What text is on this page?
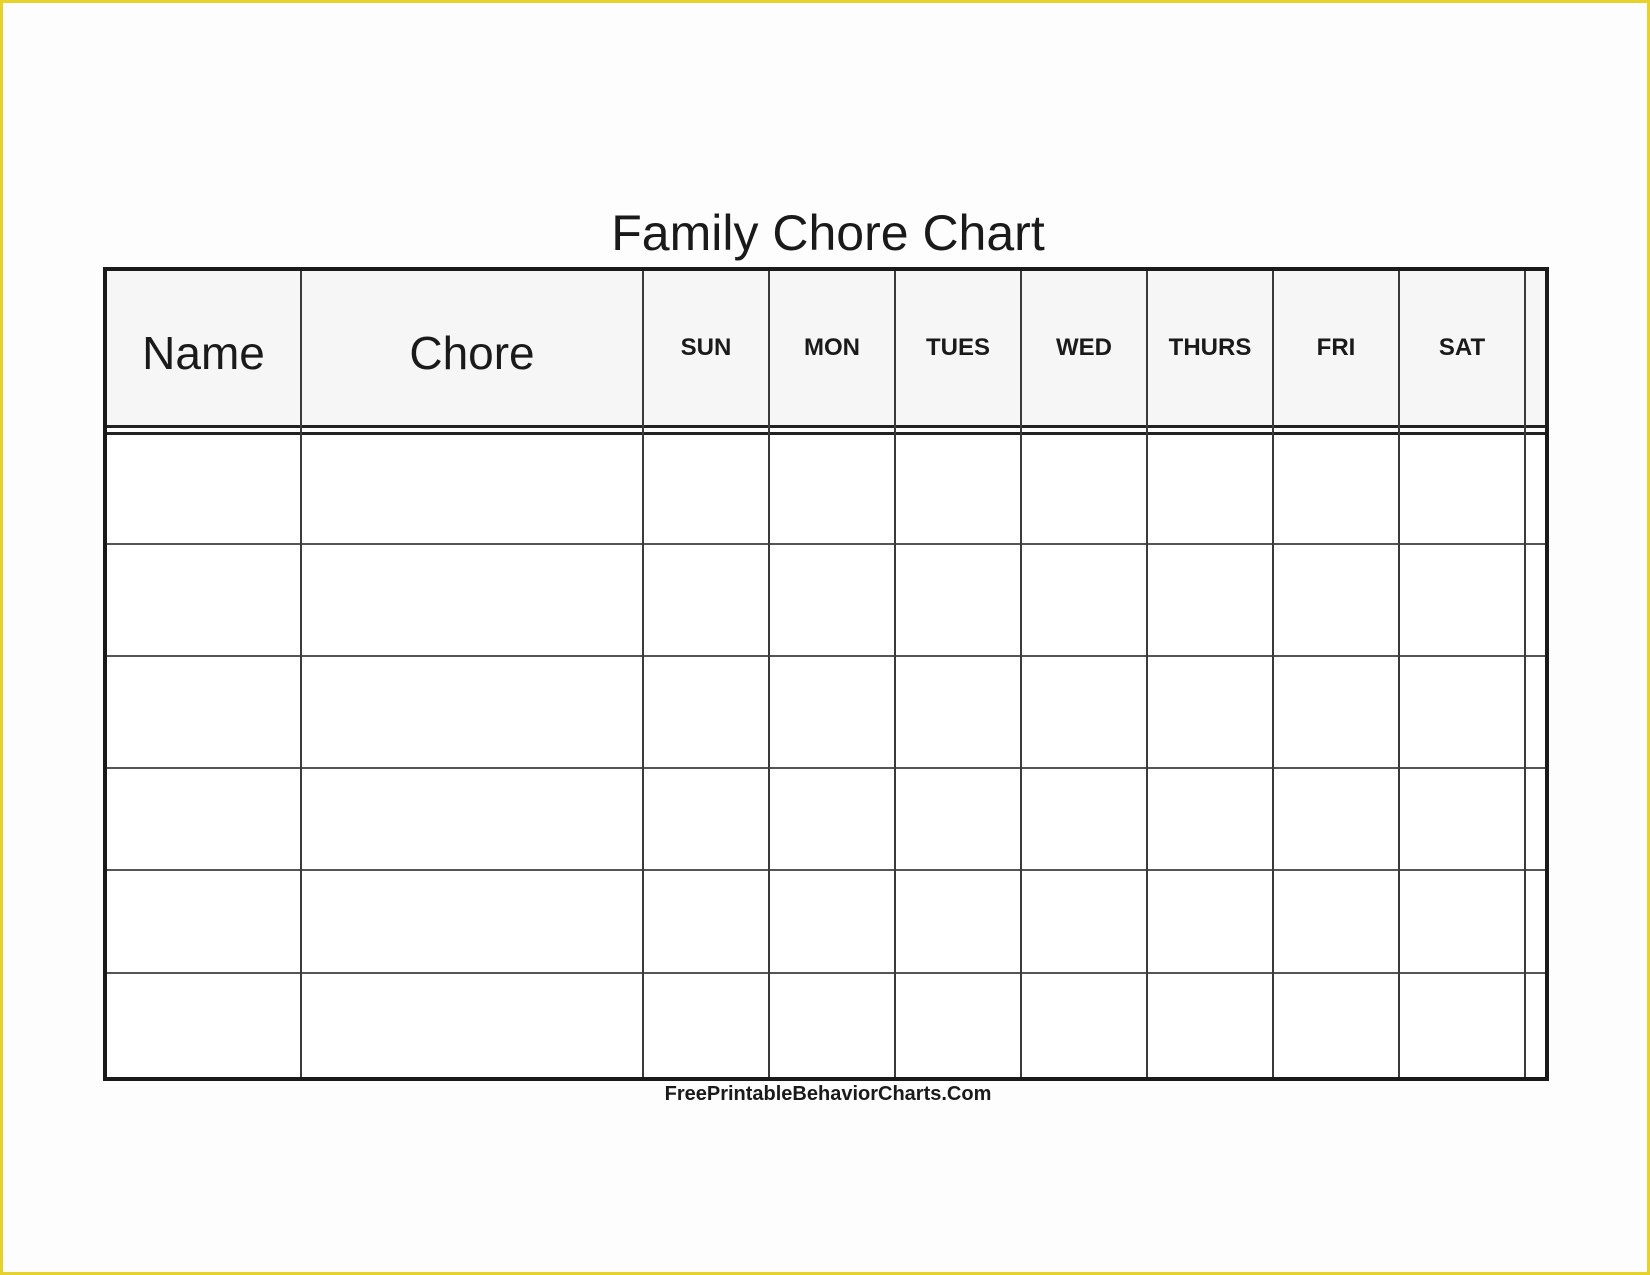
Family Chore Chart
Name	Chore	SUN	MON	TUES	WED	THURS	FRI	SAT
FreePrintableBehaviorCharts.Com
